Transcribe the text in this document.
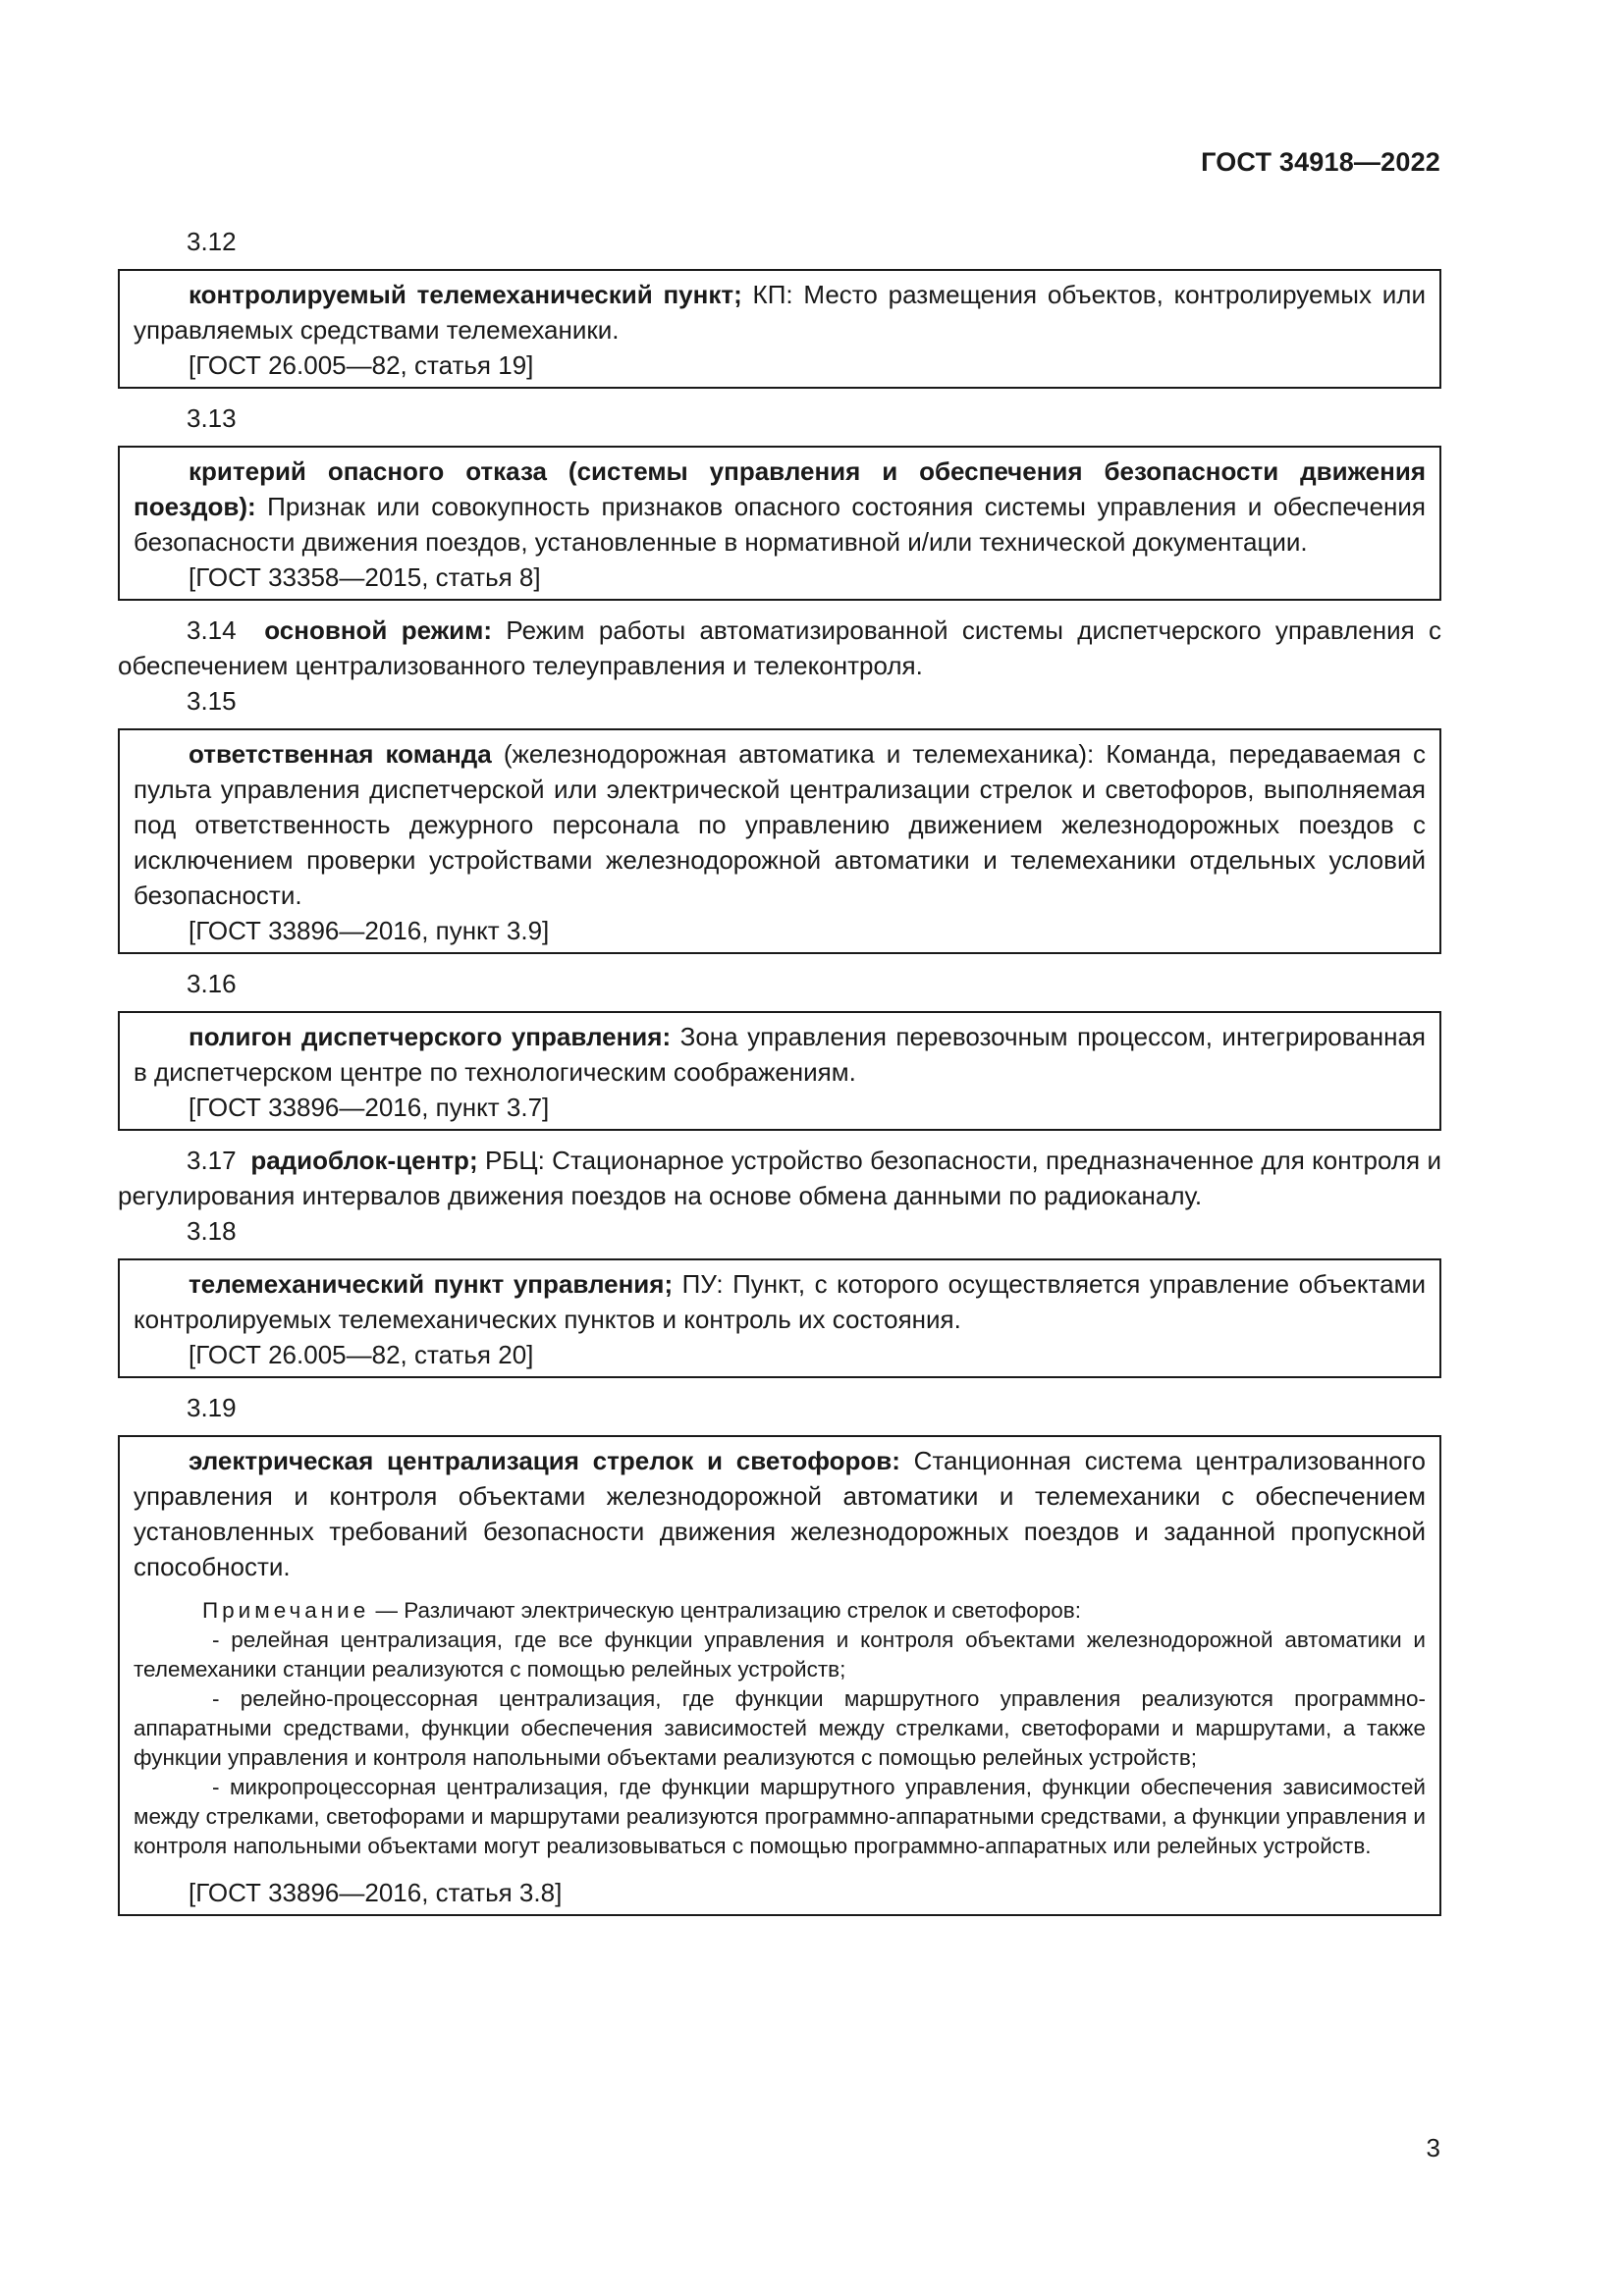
ГОСТ 34918—2022

3.12

контролируемый телемеханический пункт; КП: Место размещения объектов, контролируемых или управляемых средствами телемеханики.

[ГОСТ 26.005—82, статья 19]

3.13

критерий опасного отказа (системы управления и обеспечения безопасности движения поездов): Признак или совокупность признаков опасного состояния системы управления и обеспечения безопасности движения поездов, установленные в нормативной и/или технической документации.

[ГОСТ 33358—2015, статья 8]

3.14 основной режим: Режим работы автоматизированной системы диспетчерского управления с обеспечением централизованного телеуправления и телеконтроля.

3.15

ответственная команда (железнодорожная автоматика и телемеханика): Команда, передаваемая с пульта управления диспетчерской или электрической централизации стрелок и светофоров, выполняемая под ответственность дежурного персонала по управлению движением железнодорожных поездов с исключением проверки устройствами железнодорожной автоматики и телемеханики отдельных условий безопасности.

[ГОСТ 33896—2016, пункт 3.9]

3.16

полигон диспетчерского управления: Зона управления перевозочным процессом, интегрированная в диспетчерском центре по технологическим соображениям.

[ГОСТ 33896—2016, пункт 3.7]

3.17 радиоблок-центр; РБЦ: Стационарное устройство безопасности, предназначенное для контроля и регулирования интервалов движения поездов на основе обмена данными по радиоканалу.

3.18

телемеханический пункт управления; ПУ: Пункт, с которого осуществляется управление объектами контролируемых телемеханических пунктов и контроль их состояния.

[ГОСТ 26.005—82, статья 20]

3.19

электрическая централизация стрелок и светофоров: Станционная система централизованного управления и контроля объектами железнодорожной автоматики и телемеханики с обеспечением установленных требований безопасности движения железнодорожных поездов и заданной пропускной способности.

Примечание — Различают электрическую централизацию стрелок и светофоров:

- релейная централизация, где все функции управления и контроля объектами железнодорожной автоматики и телемеханики станции реализуются с помощью релейных устройств;

- релейно-процессорная централизация, где функции маршрутного управления реализуются программно-аппаратными средствами, функции обеспечения зависимостей между стрелками, светофорами и маршрутами, а также функции управления и контроля напольными объектами реализуются с помощью релейных устройств;

- микропроцессорная централизация, где функции маршрутного управления, функции обеспечения зависимостей между стрелками, светофорами и маршрутами реализуются программно-аппаратными средствами, а функции управления и контроля напольными объектами могут реализовываться с помощью программно-аппаратных или релейных устройств.

[ГОСТ 33896—2016, статья 3.8]

3
